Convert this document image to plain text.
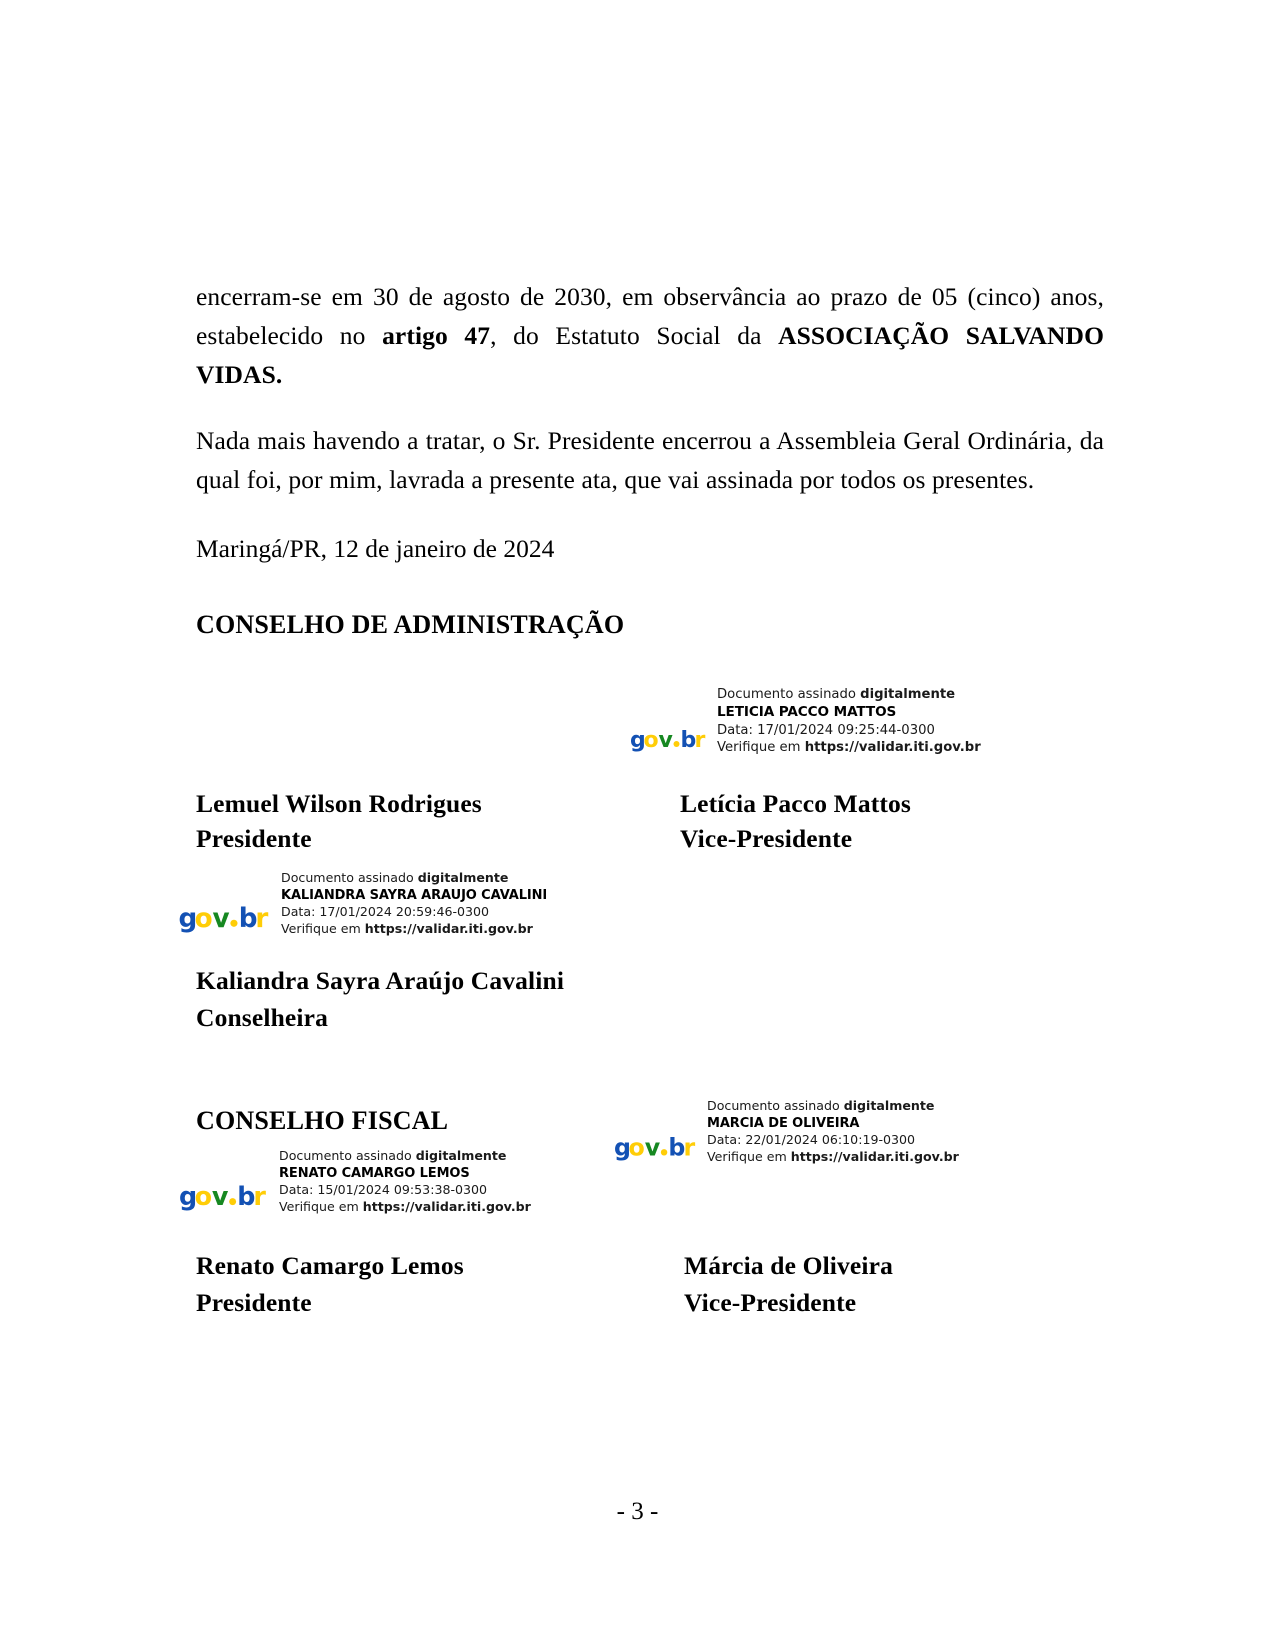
encerram-se em 30 de agosto de 2030, em observância ao prazo de 05 (cinco) anos, estabelecido no artigo 47, do Estatuto Social da ASSOCIAÇÃO SALVANDO VIDAS.

Nada mais havendo a tratar, o Sr. Presidente encerrou a Assembleia Geral Ordinária, da qual foi, por mim, lavrada a presente ata, que vai assinada por todos os presentes.

Maringá/PR, 12 de janeiro de 2024

CONSELHO DE ADMINISTRAÇÃO
g
o v b
r
Documento assinado digitalmente
LETICIA PACCO MATTOS
Data: 17/01/2024 09:25:44-0300
Verifique em https://validar.iti.gov.br
Lemuel Wilson Rodrigues
Presidente
Letícia Pacco Mattos
Vice-Presidente
g
o v b
r
Documento assinado digitalmente
KALIANDRA SAYRA ARAUJO CAVALINI
Data: 17/01/2024 20:59:46-0300
Verifique em https://validar.iti.gov.br
Kaliandra Sayra Araújo Cavalini
Conselheira
CONSELHO FISCAL
g
o v b
r
Documento assinado digitalmente
MARCIA DE OLIVEIRA
Data: 22/01/2024 06:10:19-0300
Verifique em https://validar.iti.gov.br
g
o v b
r
Documento assinado digitalmente
RENATO CAMARGO LEMOS
Data: 15/01/2024 09:53:38-0300
Verifique em https://validar.iti.gov.br
Renato Camargo Lemos
Presidente
Márcia de Oliveira
Vice-Presidente
- 3 -
